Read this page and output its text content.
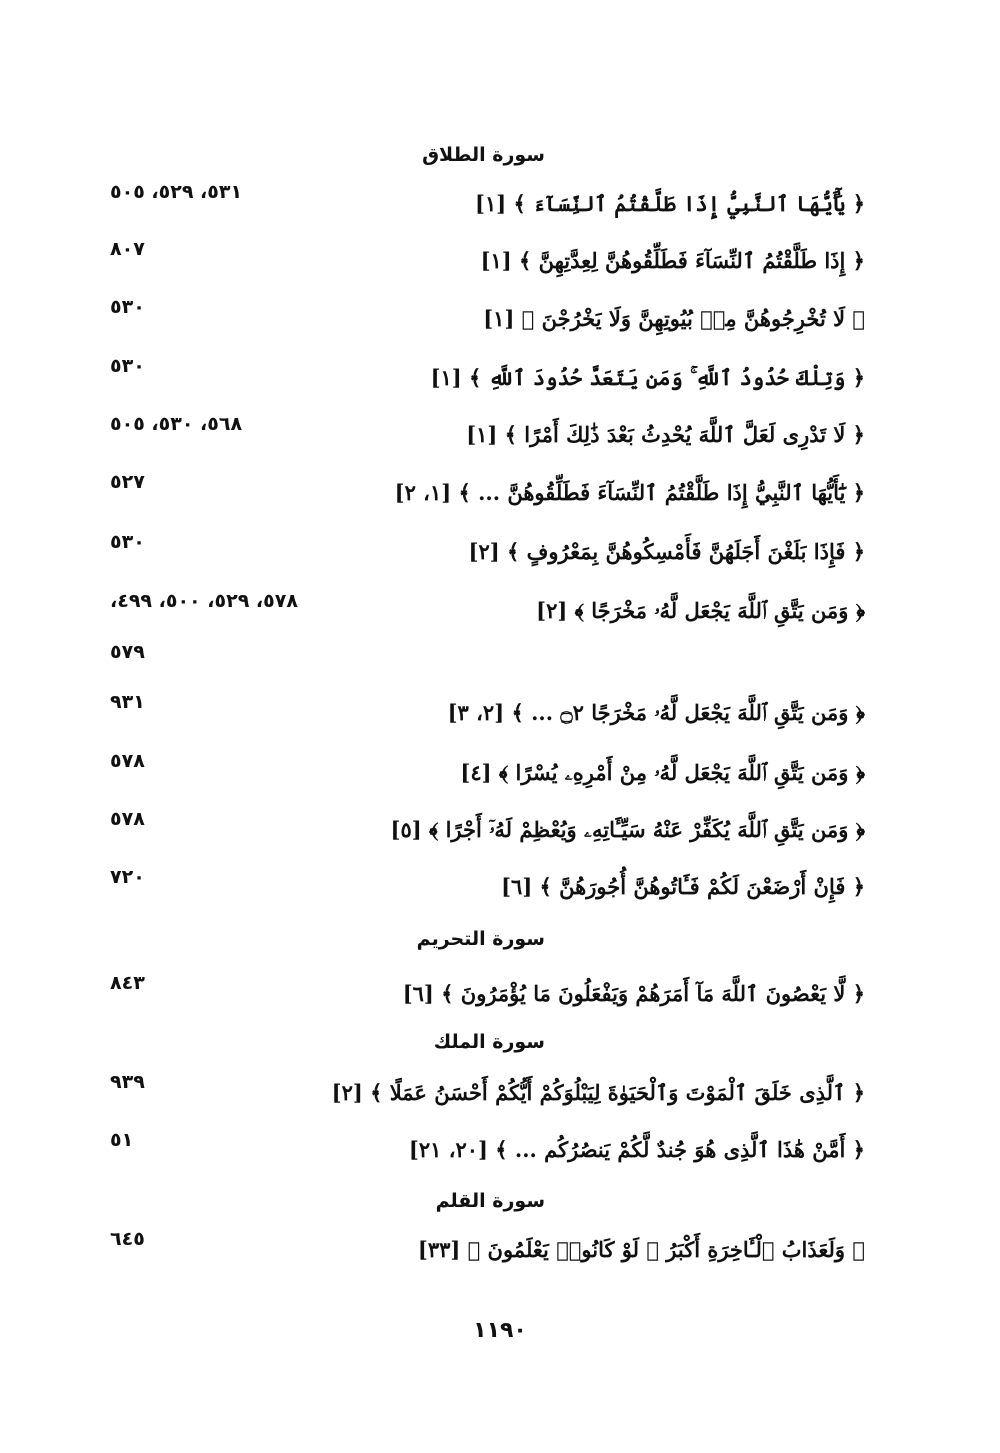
سورة الطلاق
﴿ يَٰٓأَيُّهَا ٱلنَّبِيُّ إِذَا طَلَّقْتُمُ ٱلنِّسَآءَ ﴾ [١]
٥٣١، ٥٢٩، ٥٠٥
﴿ إِذَا طَلَّقْتُمُ ٱلنِّسَآءَ فَطَلِّقُوهُنَّ لِعِدَّتِهِنَّ ﴾ [١]
٨٠٧
﴿ لَا تُخْرِجُوهُنَّ مِنۢ بُيُوتِهِنَّ وَلَا يَخْرُجْنَ ﴾ [١]
٥٣٠
﴿ وَتِلْكَ حُدُودُ ٱللَّهِ ۚ وَمَن يَتَعَدَّ حُدُودَ ٱللَّهِ ﴾ [١]
٥٣٠
﴿ لَا تَدْرِى لَعَلَّ ٱللَّهَ يُحْدِثُ بَعْدَ ذَٰلِكَ أَمْرًا ﴾ [١]
٥٦٨، ٥٣٠، ٥٠٥
﴿ يَٰٓأَيُّهَا ٱلنَّبِيُّ إِذَا طَلَّقْتُمُ ٱلنِّسَآءَ فَطَلِّقُوهُنَّ ... ﴾ [١، ٢]
٥٢٧
﴿ فَإِذَا بَلَغْنَ أَجَلَهُنَّ فَأَمْسِكُوهُنَّ بِمَعْرُوفٍ ﴾ [٢]
٥٣٠
﴿ وَمَن يَتَّقِ ٱللَّهَ يَجْعَل لَّهُۥ مَخْرَجًا ﴾ [٢]
٥٧٨، ٥٢٩، ٥٠٠، ٤٩٩،
٥٧٩
﴿ وَمَن يَتَّقِ ٱللَّهَ يَجْعَل لَّهُۥ مَخْرَجًا ۝٢ ... ﴾ [٢، ٣]
٩٣١
﴿ وَمَن يَتَّقِ ٱللَّهَ يَجْعَل لَّهُۥ مِنْ أَمْرِهِۦ يُسْرًا ﴾ [٤]
٥٧٨
﴿ وَمَن يَتَّقِ ٱللَّهَ يُكَفِّرْ عَنْهُ سَيِّـَٔاتِهِۦ وَيُعْظِمْ لَهُۥٓ أَجْرًا ﴾ [٥]
٥٧٨
﴿ فَإِنْ أَرْضَعْنَ لَكُمْ فَـَٔاتُوهُنَّ أُجُورَهُنَّ ﴾ [٦]
٧٢٠
سورة التحريم
﴿ لَّا يَعْصُونَ ٱللَّهَ مَآ أَمَرَهُمْ وَيَفْعَلُونَ مَا يُؤْمَرُونَ ﴾ [٦]
٨٤٣
سورة الملك
﴿ ٱلَّذِى خَلَقَ ٱلْمَوْتَ وَٱلْحَيَوٰةَ لِيَبْلُوَكُمْ أَيُّكُمْ أَحْسَنُ عَمَلًا ﴾ [٢]
٩٣٩
﴿ أَمَّنْ هَٰذَا ٱلَّذِى هُوَ جُندٌ لَّكُمْ يَنصُرُكُم ... ﴾ [٢٠، ٢١]
٥١
سورة القلم
﴿ وَلَعَذَابُ ٱلْـَٔاخِرَةِ أَكْبَرُ ۚ لَوْ كَانُوا۟ يَعْلَمُونَ ﴾ [٣٣]
٦٤٥
١١٩٠
